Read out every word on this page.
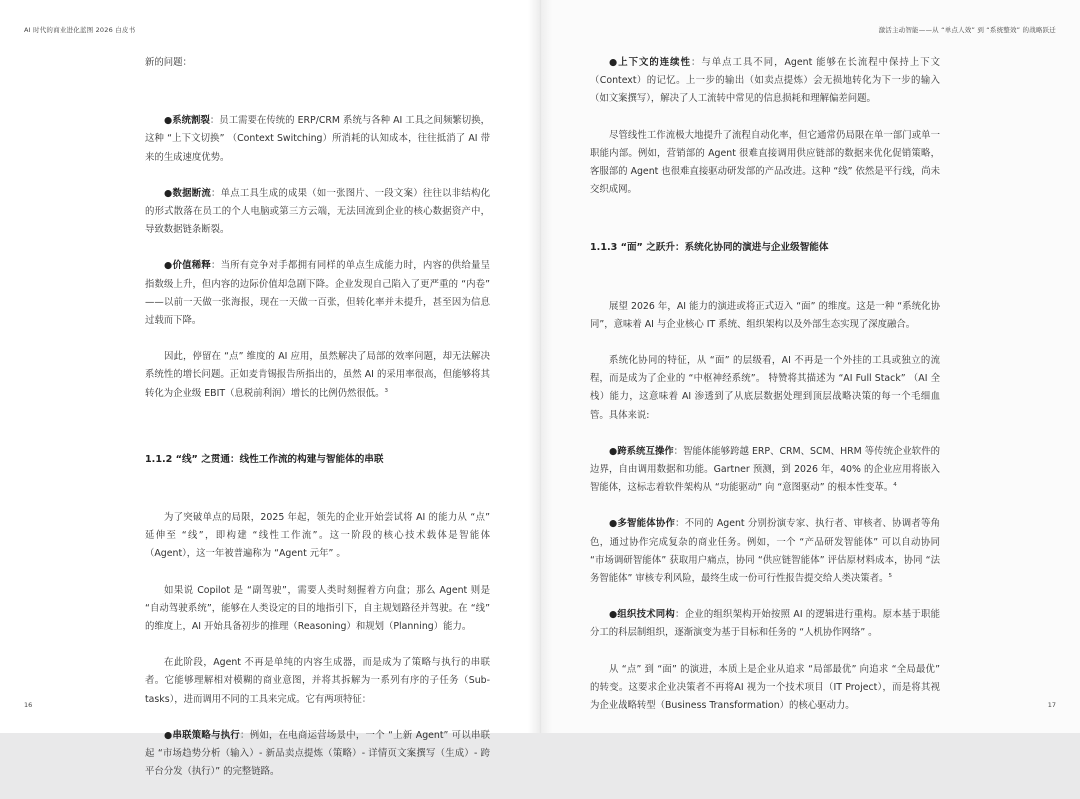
AI 时代的商业进化蓝图 2026 白皮书

新的问题：

●系统割裂：员工需要在传统的 ERP/CRM 系统与各种 AI 工具之间频繁切换，这种 “上下文切换” （Context Switching）所消耗的认知成本，往往抵消了 AI 带来的生成速度优势。

●数据断流：单点工具生成的成果（如一张图片、一段文案）往往以非结构化的形式散落在员工的个人电脑或第三方云端，无法回流到企业的核心数据资产中，导致数据链条断裂。

●价值稀释：当所有竞争对手都拥有同样的单点生成能力时，内容的供给量呈指数级上升，但内容的边际价值却急剧下降。企业发现自己陷入了更严重的 “内卷” ——以前一天做一张海报，现在一天做一百张，但转化率并未提升，甚至因为信息过载而下降。

因此，停留在 “点” 维度的 AI 应用，虽然解决了局部的效率问题，却无法解决系统性的增长问题。正如麦肯锡报告所指出的，虽然 AI 的采用率很高，但能够将其转化为企业级 EBIT（息税前利润）增长的比例仍然很低。$^3$

1.1.2 “线” 之贯通：线性工作流的构建与智能体的串联

为了突破单点的局限，2025 年起，领先的企业开始尝试将 AI 的能力从 “点” 延伸至 “线”，即构建 “线性工作流”。这一阶段的核心技术载体是智能体（Agent），这一年被普遍称为 “Agent 元年” 。

如果说 Copilot 是 “副驾驶”，需要人类时刻握着方向盘；那么 Agent 则是 “自动驾驶系统”，能够在人类设定的目的地指引下，自主规划路径并驾驶。在 “线” 的维度上，AI 开始具备初步的推理（Reasoning）和规划（Planning）能力。

在此阶段，Agent 不再是单纯的内容生成器，而是成为了策略与执行的串联者。它能够理解相对模糊的商业意图，并将其拆解为一系列有序的子任务（Sub-tasks），进而调用不同的工具来完成。它有两项特征：

●串联策略与执行：例如，在电商运营场景中，一个 “上新 Agent” 可以串联起 “市场趋势分析（输入）- 新品卖点提炼（策略）- 详情页文案撰写（生成）- 跨平台分发（执行）” 的完整链路。

16
激活主动智能——从 “单点人效” 到 “系统整效” 的战略跃迁

●上下文的连续性：与单点工具不同，Agent 能够在长流程中保持上下文（Context）的记忆。上一步的输出（如卖点提炼）会无损地转化为下一步的输入（如文案撰写），解决了人工流转中常见的信息损耗和理解偏差问题。

尽管线性工作流极大地提升了流程自动化率，但它通常仍局限在单一部门或单一职能内部。例如，营销部的 Agent 很难直接调用供应链部的数据来优化促销策略，客服部的 Agent 也很难直接驱动研发部的产品改进。这种 “线” 依然是平行线，尚未交织成网。

1.1.3 “面” 之跃升：系统化协同的演进与企业级智能体

展望 2026 年，AI 能力的演进或将正式迈入 “面” 的维度。这是一种 “系统化协同”，意味着 AI 与企业核心 IT 系统、组织架构以及外部生态实现了深度融合。

系统化协同的特征，从 “面” 的层级看，AI 不再是一个外挂的工具或独立的流程，而是成为了企业的 “中枢神经系统”。 特赞将其描述为 “AI Full Stack” （AI 全栈）能力，这意味着 AI 渗透到了从底层数据处理到顶层战略决策的每一个毛细血管。具体来说:

●跨系统互操作：智能体能够跨越 ERP、CRM、SCM、HRM 等传统企业软件的边界，自由调用数据和功能。Gartner 预测，到 2026 年，40% 的企业应用将嵌入智能体，这标志着软件架构从 “功能驱动” 向 “意图驱动” 的根本性变革。$^4$

●多智能体协作：不同的 Agent 分别扮演专家、执行者、审核者、协调者等角色，通过协作完成复杂的商业任务。例如，一个 “产品研发智能体” 可以自动协同 “市场调研智能体” 获取用户痛点，协同 “供应链智能体” 评估原材料成本，协同 “法务智能体” 审核专利风险，最终生成一份可行性报告提交给人类决策者。$^5$

●组织技术同构：企业的组织架构开始按照 AI 的逻辑进行重构。原本基于职能分工的科层制组织，逐渐演变为基于目标和任务的 “人机协作网络” 。

从 “点” 到 “面” 的演进，本质上是企业从追求 “局部最优” 向追求 “全局最优” 的转变。这要求企业决策者不再将AI 视为一个技术项目（IT Project），而是将其视为企业战略转型（Business Transformation）的核心驱动力。	17
